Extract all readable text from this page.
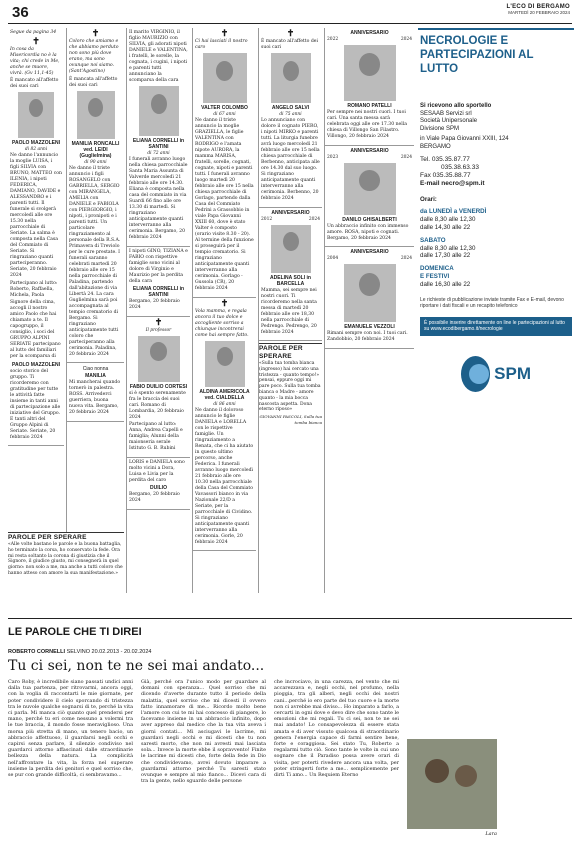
36	L'ECO DI BERGAMO
MARTEDÌ 20 FEBBRAIO 2024

Segue da pagina 34

✝

In cosa da Misericordia no è la vita; chi crede in Me, anche se muore, vivrà. (Gv 11,1-45)

È mancato all'affetto dei suoi cari

PAOLO MAZZOLENI
di 82 anni

Ne danno l'annuncio la moglie LUISA, i figli SILVIA con BRUNO, MATTEO con ILENIA, i nipoti FEDERICA, DAMIANO, DAVIDE e ALESSANDRO e i parenti tutti. Il funerale si svolgerà mercoledì alle ore 15.30 nella parrocchiale di Seriate. La salma è composta nella Casa del Commiato di Seriate. Si ringraziano quanti parteciperanno. Seriate, 20 febbraio 2024

Partecipano al lutto: Roberto, Raffaella, Michela, Paola

Signore della cima, accogli il nostro amico Paolo che hai chiamato a te. Il capogruppo, il consiglio, i soci del GRUPPO ALPINI SERIATE partecipano al lutto del familiari per la scomparsa di

PAOLO MAZZOLENI

socio storico del gruppo. Ti ricorderemo con gratitudine per tutte le attività fatte insieme in tanti anni di partecipazione alle iniziative del Gruppo. E tanti altri del Gruppo Alpini di Seriate. Seriate, 20 febbraio 2024

✝

Coloro che amiamo e che abbiamo perduto non sono più dove erano, ma sono ovunque noi siamo. (Sant'Agostino)

È mancata all'affetto dei suoi cari

MANILIA RONCALLI ved. LEIDI (Guglielmina)
di 90 anni

Ne danno il triste annuncio i figli ROSANGELO con GABRIELLA, SERGIO con MIRANGELA, AMELIA con DANIELE e FABIOLA con PIERGIORGIO, i nipoti, i pronipoti e i parenti tutti. Un particolare ringraziamento al personale della R.S.A. Primavera di Treviolo per le cure prestate. I funerali saranno celebrati martedì 20 febbraio alle ore 15 nella parrocchiale di Paladina, partendo dall'abitazione di via Libertà 24. La cara Guglielmina sarà poi accompagnata al tempio crematorio di Bergamo. Si ringraziano anticipatamente tutti coloro che parteciperanno alla cerimonia. Paladina, 20 febbraio 2024

Ciao nonna
MANILIA

Mi mancherai quando tornerò in palestra. ROSS. Arrivederci guerriera, buona nuova vita. Bergamo, 20 febbraio 2024

Il marito VIRGINIO, il figlio MAURIZIO con SILVIA, gli adorati nipoti DANIELE e VALENTINA, i fratelli, le sorelle, la cognata, i cugini, i nipoti e parenti tutti annunciano la scomparsa della cara

ELIANA CORNELLI in SANTINI
di 72 anni

I funerali avranno luogo nella chiesa parrocchiale Santa Maria Assunta di Valverde mercoledì 21 febbraio alle ore 14.30. Eliana è composta nella casa del commiato in via Suardi 66 fino alle ore 13.30 di martedì. Si ringraziano anticipatamente quanti interverranno alla cerimonia. Bergamo, 20 febbraio 2024

I nipoti GINO, TIZIANA e FABIO con rispettive famiglie sono vicini al dolore di Virginio e Maurizio per la perdita della cara

ELIANA CORNELLI in SANTINI

Bergamo, 20 febbraio 2024

✝
Il professor
FABIO DUILIO CORTESI

si è spento serenamente fra le braccia dei suoi cari. Romano di Lombardia, 20 febbraio 2024

Partecipano al lutto: Anna, Andrea Capelli e famiglia; Alunni della maionseria serale Istituto G. B. Rubini

LORIS e DANIELA sono molto vicini a Dora, Luisa e Livia per la perdita del caro

DUILIO

Bergamo, 20 febbraio 2024

✝

Ci hai lasciati il nostro caro

VALTER COLOMBO
di 67 anni

Ne danno il triste annuncio la moglie GRAZIELLA, le figlie VALENTINA con RODRIGO e l'amata nipote AURORA, la mamma MARISA, fratelli, sorelle, cognati, cognate, nipoti e parenti tutti. I funerali avranno luogo martedì 20 febbraio alle ore 15 nella chiesa parrocchiale di Gorlago, partendo dalla Casa del Commiato Pedrini a Grassobbio in viale Papa Giovanni XXIII 60, dove è stato Valter è composto (orario visite 8.30 - 20). Al termine della funzione si proseguirà per il tempio crematorio. Si ringraziano anticipatamente quanti interverranno alla cerimonia. Gorlago - Gussola (CR), 20 febbraio 2024

✝

Vola mamma, e regala ancora il tuo dolce e accogliente sorriso a chiunque incontrerai come hai sempre fatto.

ALDINA AMERICOLA ved. CIALDELLA
di 86 anni

Ne danno il doloroso annuncio le figlie DANIELA e LORELLA con le rispettive famiglie. Un ringraziamento a Renata, che ci ha aiutato in questo ultimo percorso, anche Federica. I funerali avranno luogo mercoledì 21 febbraio alle ore 10.30 nella parrocchiale della Casa del Commiato Vavassori bianco in via Nazionale 22/D a Seriate, per la parrocchiale di Cividino. Si ringraziano anticipatamente quanti interverranno alla cerimonia. Gorle, 20 febbraio 2024

✝

È mancato all'affetto dei suoi cari

ANGELO SALVI
di 75 anni

Lo annunciano con dolore il cognato PIERO, i nipoti MIRKO e parenti tutti. La liturgia funebre avrà luogo mercoledì 21 febbraio alle ore 15 nella chiesa parrocchiale di Berbenno, anticipata alle ore 14.30 dal suo luogo. Si ringraziano anticipatamente quanti interverranno alla cerimonia. Berbenno, 20 febbraio 2024

ANNIVERSARIO
2012	2024
ADELINA SOLI in BARCELLA

Mamma, sei sempre nei nostri cuori. Ti ricorderemo nella santa messa di martedì 20 febbraio alle ore 18,30 nella parrocchiale di Pedrengo. Pedrengo, 20 febbraio 2024

PAROLE PER SPERARE

«Sulla tua tomba bianca (ingresso) hai cercato una tristezza - quanto tempo!» pensai, eppure oggi mi pare poco. Sulla tua tomba bianca o Madre - amore quanto - la mia bocca nascosta aspetta. Dona eterno riposo»

GIOVANNI PASCOLI, Sulla tua tomba bianca

ANNIVERSARIO
2022	2024
ROMANO PATELLI

Per sempre nei nostri cuori. I tuoi cari. Una santa messa sarà celebrata oggi alle ore 17.30 nella chiesa di Villongo San Filastro. Villongo, 20 febbraio 2024

ANNIVERSARIO
2023	2024
DANILO GHISALBERTI

Un abbraccio infinito con immenso amore. ROSA, nipoti e cognati. Bergamo, 20 febbraio 2024

ANNIVERSARIO
2004	2024
EMANUELE VEZZOLI

Rimani sempre con noi. I tuoi cari. Zandobbio, 20 febbraio 2024

PAROLE PER SPERARE

«Alle volte bastano le parole e la buona battaglia, ho terminato la corsa, ho conservato la fede. Ora mi resta soltanto la corona di giustizia che il Signore, il giudice giusto, mi consegnerà in quel giorno: non solo a me, ma anche a tutti coloro che hanno atteso con amore la sua manifestazione.»

NECROLOGIE E PARTECIPAZIONI AL LUTTO
Si ricevono allo sportello
SESAAB Servizi srl
Società Unipersonale
Divisione SPM
in Viale Papa Giovanni XXIII, 124
BERGAMO
Tel. 035.35.87.77
035.38.63.33
Fax 035.35.88.77
E-mail necro@spm.it
Orari:
da LUNEDÌ a VENERDÌ
dalle 8,30 alle 12,30
dalle 14,30 alle 22
SABATO
dalle 8,30 alle 12,30
dalle 17,30 alle 22
DOMENICA
E FESTIVI
dalle 16,30 alle 22
Le richieste di pubblicazione inviate tramite Fax e E-mail, devono riportare i dati fiscali e un recapito telefonico
È possibile inserire direttamente on line le partecipazioni al lutto su www.ecodibergamo.it/necrologie
SPM
LE PAROLE CHE TI DIREI
ROBERTO CORNELLI SELVINO 20.02.2013 - 20.02.2024
Tu ci sei, non te ne sei mai andato...

Caro Roby, è incredibile siano passati undici anni dalla tua partenza, per ritrovarmi, ancora oggi, con la voglia di raccontarti le mie giornate, per poter condividere il cielo sporcando di tristezza tra le nuvole qualche sognarsi di te, perché la vita ci parla. Mi manca ciò quanto quel prendersi per mano, perché tu eri come nessuno a volermi tra le tue braccia, il mondo fosse meraviglioso. Una morsa più stretta di mano, un tenero bacio, un abbraccio affettuoso, il guardarsi negli occhi e capirsi senza parlare, il silenzio condiviso nel guardarci attorno affascinati dalle straordinarie bellezza della natura. La complicità nell'affrontare la vita, la forza nel superare insieme la perdita dei genitori e quel sorriso che, se pur con grande difficoltà, ci sembravamo...

Già, perché ora l'unico modo per guardare al domani con speranza... Quel sorriso che mi dicendo d'averte durante tutto il periodo della malattia, quel sorriso che mi dicesti il ovvero fatto innamorare di me... Ricordo molto bene l'amore con cui te mi hai concesso di piangere, lo facevamo insieme in un abbraccio infinito, dopo aver appreso dal medico che la tua vita aveva i giorni contati... Mi asciugavi le lacrime, mi guardavi negli occhi e mi dicesti che tu non saresti morto, che non mi avresti mai lasciata sola... Invece la morte ebbe il sopravvento! Finite le lacrime mi dicesti che, forte della fede in Dio che condividevamo, avrei dovuto imparare a guardarmi attorno perché Tu saresti stato ovunque e sempre al mio fianco... Dicevi cara di tra la gente, nello sguardo delle persone

che incrociavo, in una carezza, nel vento che mi accarezzava e, negli occhi, nel profumo, nella pioggia, tra gli alberi, negli occhi dei nostri cani...perché io ero parte del tuo cuore e la morte non ci avrebbe mai diviso... Ho imparato a farlo, a cercarti in ogni dove e devo dire che sono tante le emozioni che mi regali. Tu ci sei, non te ne sei mai andato! Lo consapevolezza di essere stata amata e di aver vissuto qualcosa di straordinario genera l'energia capace di farmi sentire bene, forte e coraggiosa. Sei stato Tu, Roberto a regalarmi tutto ciò. Sono tante le volte in cui uno sognare che il Paradiso possa avere orari di visita, per poterti rivedere ancora una volta, per poter stringerti forte a me... semplicemente per dirti Ti amo... Un Requiem Eterno

Lara
